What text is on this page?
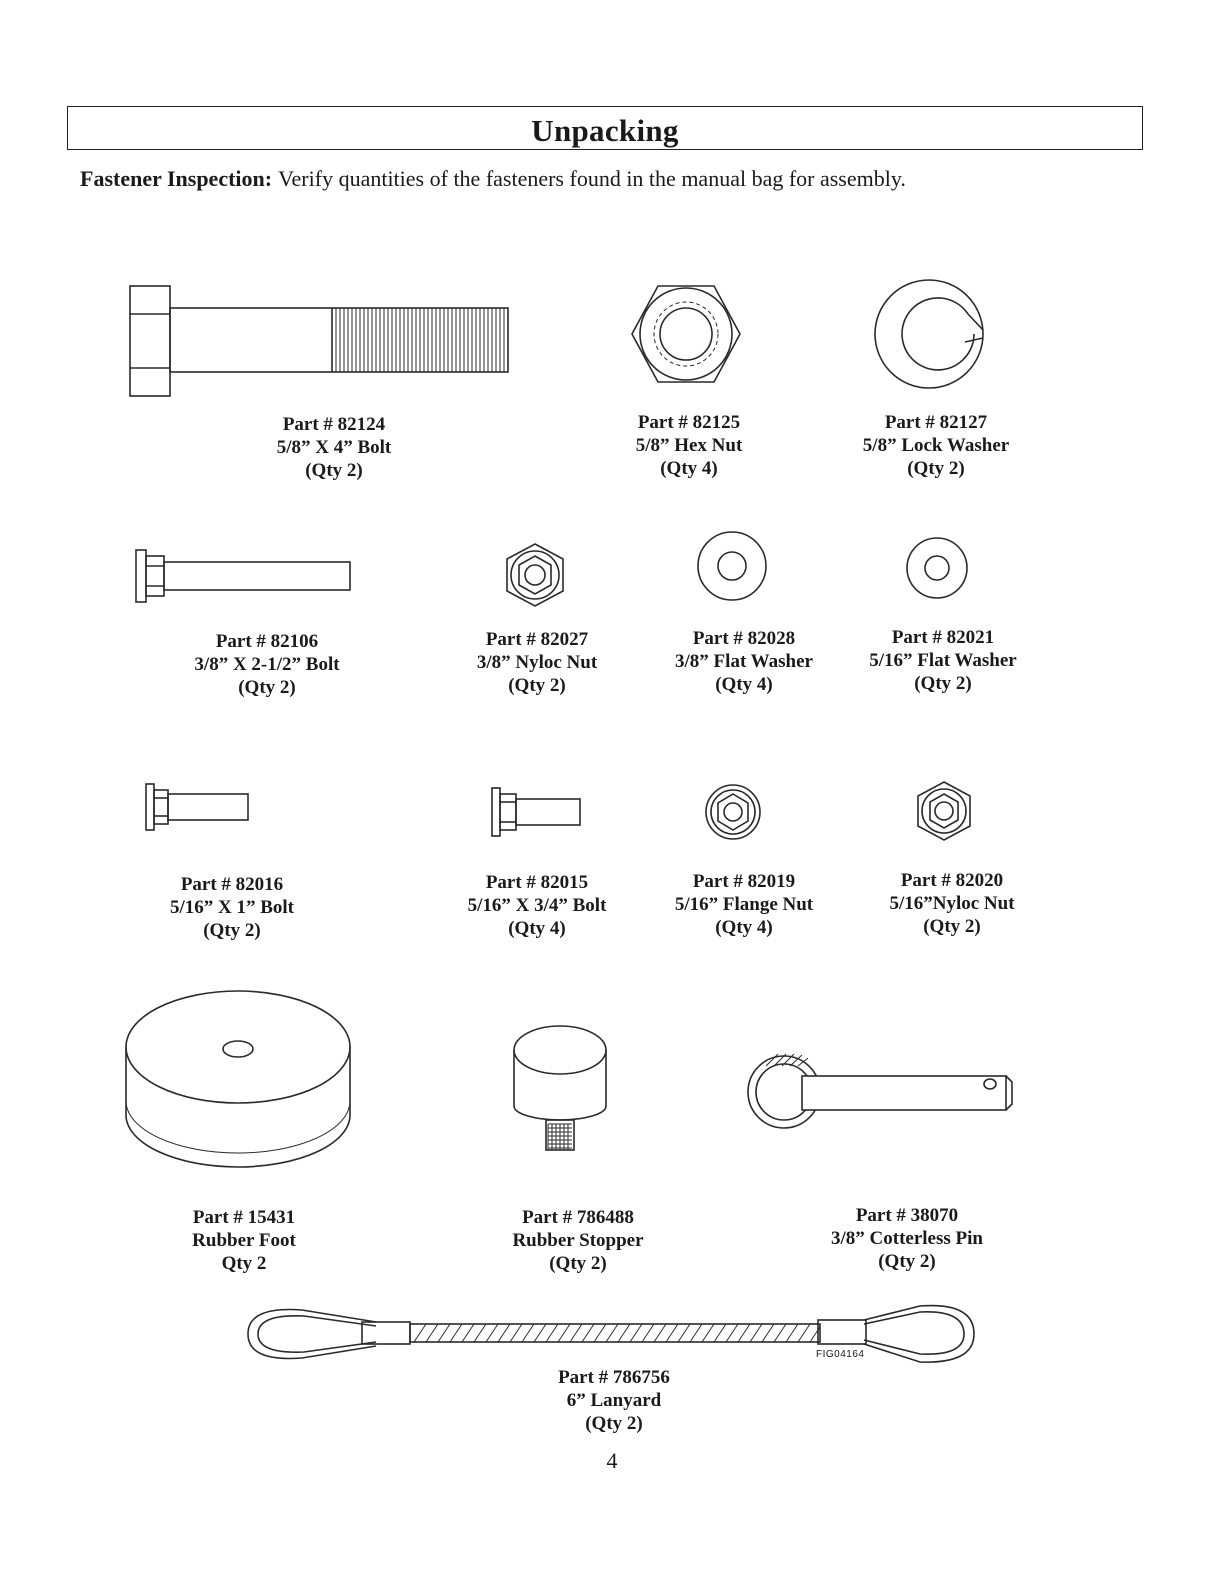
Unpacking
Fastener Inspection: Verify quantities of the fasteners found in the manual bag for assembly.
Part # 82124
5/8” X 4” Bolt
(Qty 2)
Part # 82125
5/8” Hex Nut
(Qty 4)
Part # 82127
5/8” Lock Washer
(Qty 2)
Part # 82106
3/8” X 2-1/2” Bolt
(Qty 2)
Part # 82027
3/8” Nyloc Nut
(Qty 2)
Part # 82028
3/8” Flat Washer
(Qty 4)
Part # 82021
5/16” Flat Washer
(Qty 2)
Part # 82016
5/16” X 1” Bolt
(Qty 2)
Part # 82015
5/16” X 3/4” Bolt
(Qty 4)
Part # 82019
5/16” Flange Nut
(Qty 4)
Part # 82020
5/16”Nyloc Nut
(Qty 2)
Part # 15431
Rubber Foot
Qty 2
Part # 786488
Rubber Stopper
(Qty 2)
Part # 38070
3/8” Cotterless Pin
(Qty 2)
Part # 786756
6” Lanyard
(Qty 2)
FIG04164
4
